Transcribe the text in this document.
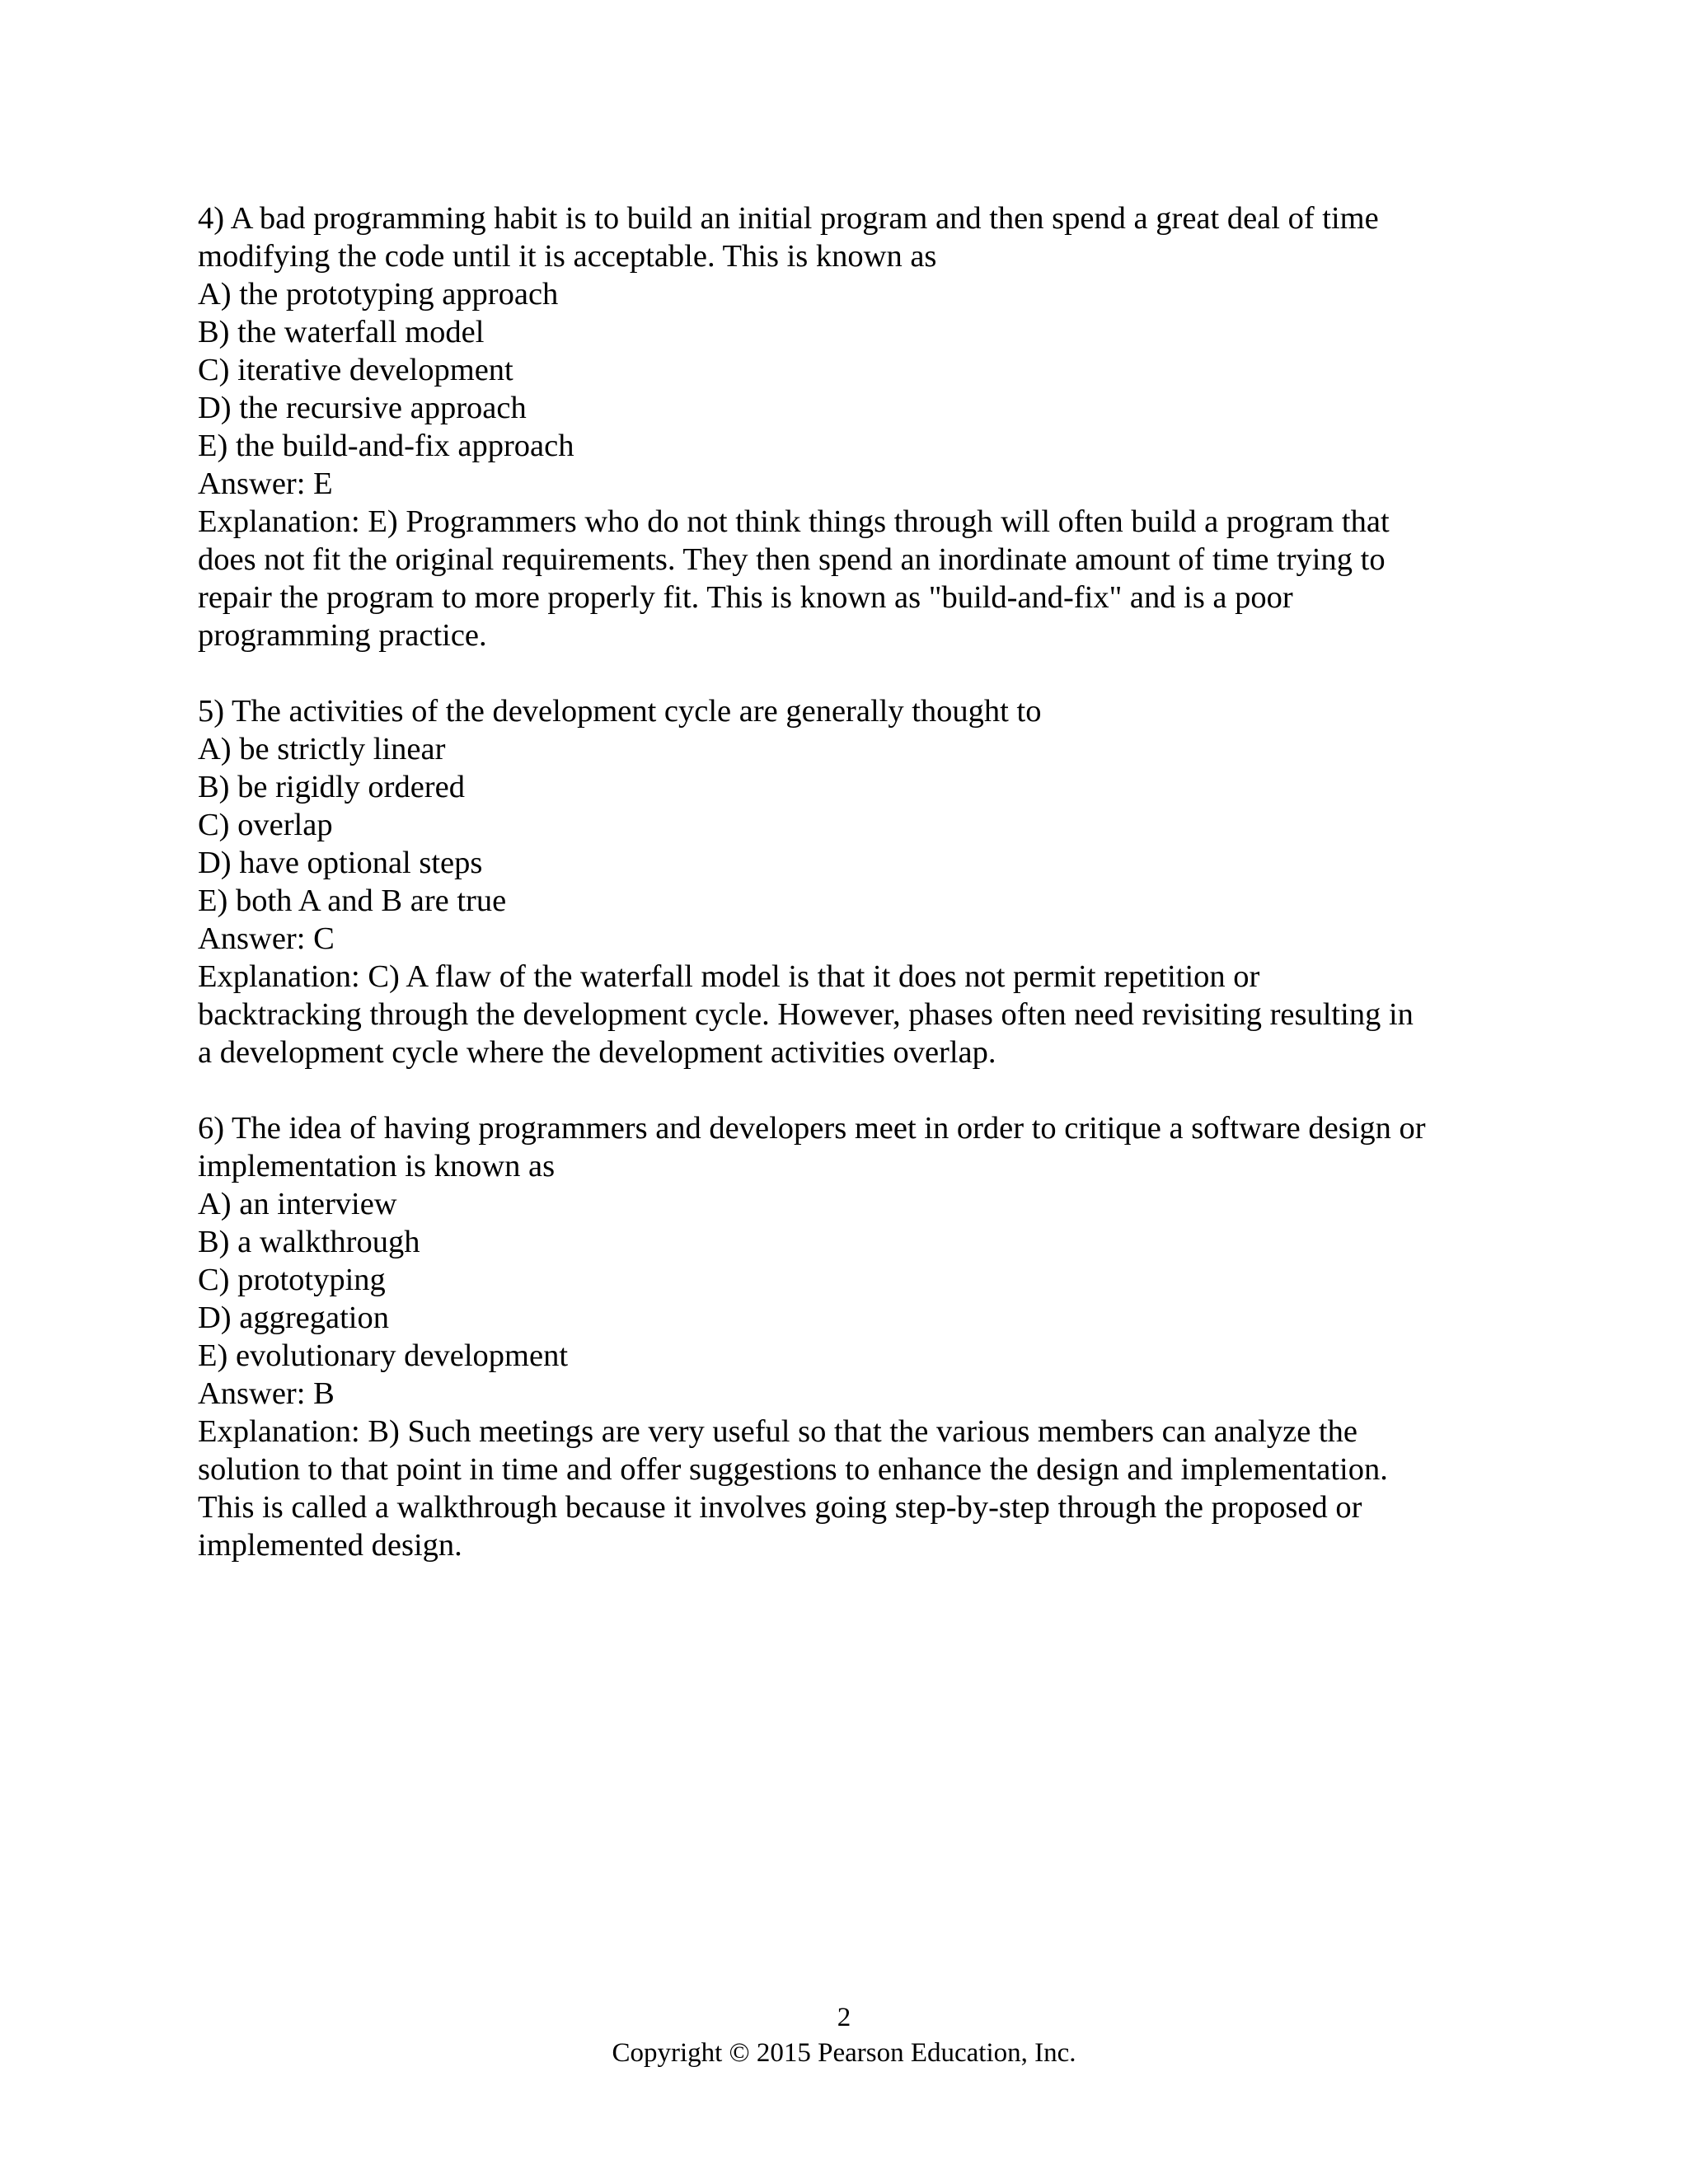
4) A bad programming habit is to build an initial program and then spend a great deal of time
modifying the code until it is acceptable. This is known as
A) the prototyping approach
B) the waterfall model
C) iterative development
D) the recursive approach
E) the build-and-fix approach
Answer: E
Explanation: E) Programmers who do not think things through will often build a program that
does not fit the original requirements. They then spend an inordinate amount of time trying to
repair the program to more properly fit. This is known as "build-and-fix" and is a poor
programming practice.
5) The activities of the development cycle are generally thought to
A) be strictly linear
B) be rigidly ordered
C) overlap
D) have optional steps
E) both A and B are true
Answer: C
Explanation: C) A flaw of the waterfall model is that it does not permit repetition or
backtracking through the development cycle. However, phases often need revisiting resulting in
a development cycle where the development activities overlap.
6) The idea of having programmers and developers meet in order to critique a software design or
implementation is known as
A) an interview
B) a walkthrough
C) prototyping
D) aggregation
E) evolutionary development
Answer: B
Explanation: B) Such meetings are very useful so that the various members can analyze the
solution to that point in time and offer suggestions to enhance the design and implementation.
This is called a walkthrough because it involves going step-by-step through the proposed or
implemented design.
2
Copyright © 2015 Pearson Education, Inc.
